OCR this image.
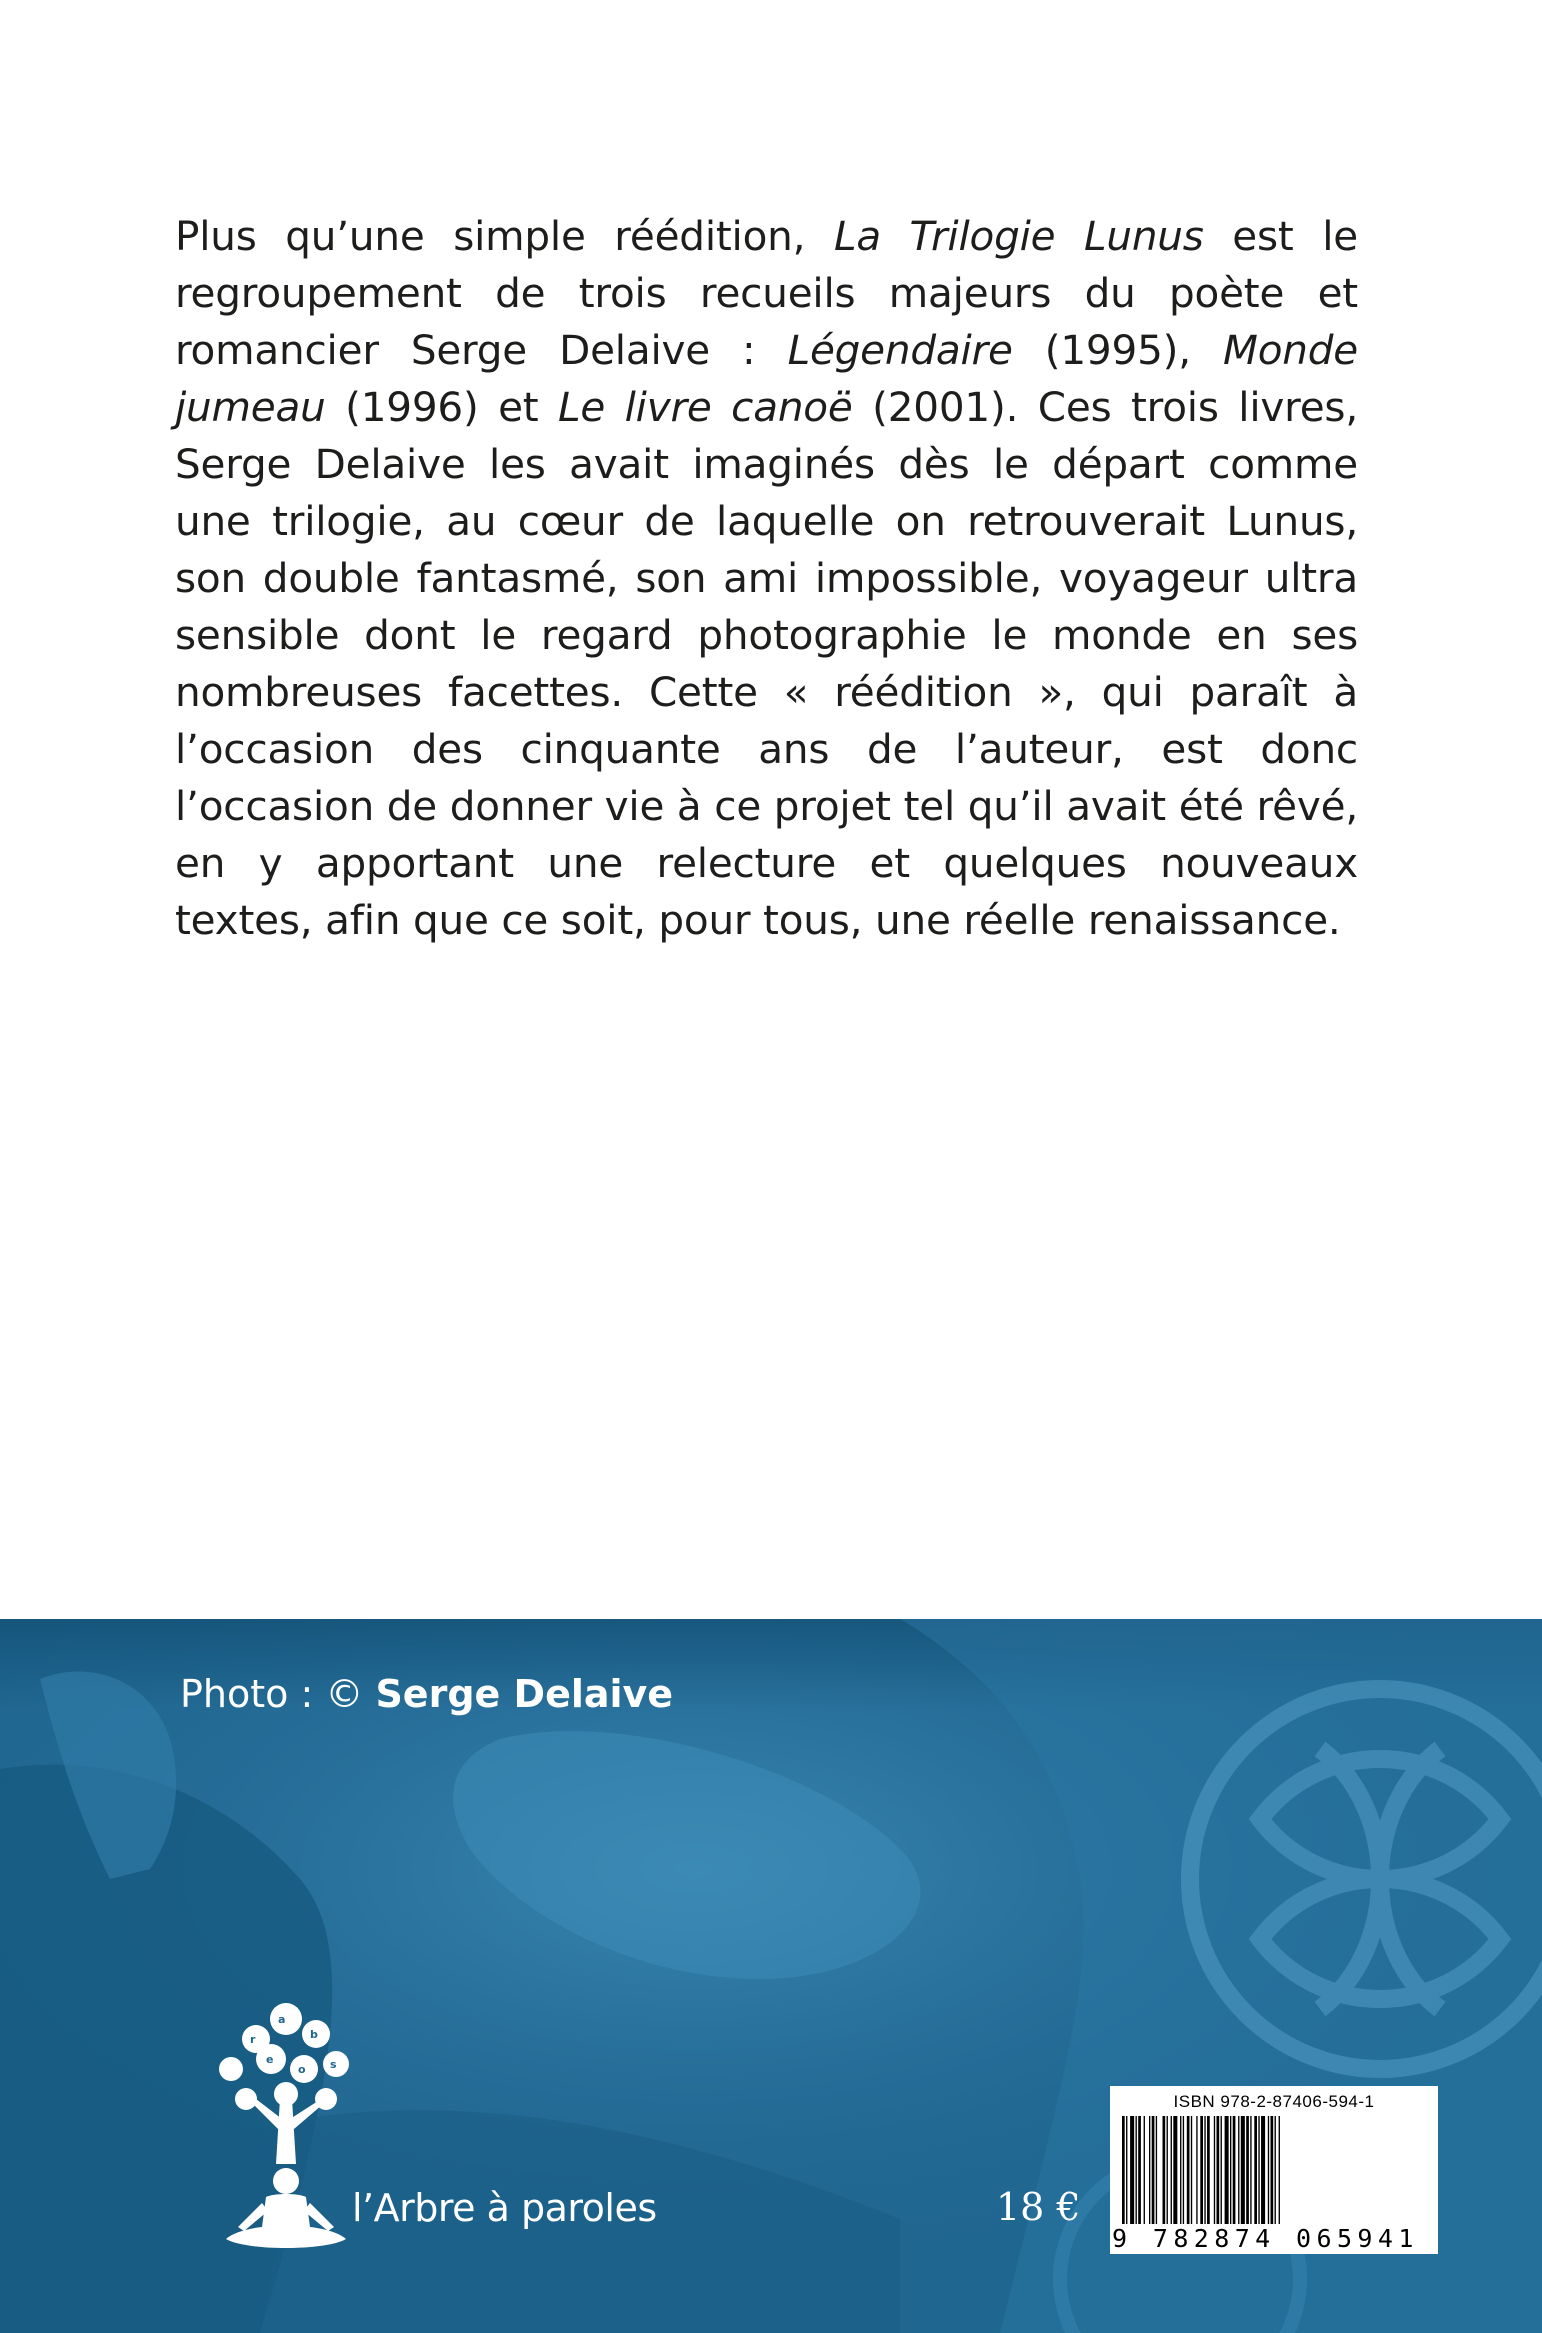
Plus qu’une simple réédition, La Trilogie Lunus est le regroupement de trois recueils majeurs du poète et romancier Serge Delaive : Légendaire (1995), Monde jumeau (1996) et Le livre canoë (2001). Ces trois livres, Serge Delaive les avait imaginés dès le départ comme une trilogie, au cœur de laquelle on retrouverait Lunus, son double fantasmé, son ami impossible, voyageur ultra sensible dont le regard photographie le monde en ses nombreuses facettes. Cette « réédition », qui paraît à l’occasion des cinquante ans de l’auteur, est donc l’occasion de donner vie à ce projet tel qu’il avait été rêvé, en y apportant une relecture et quelques nouveaux textes, afin que ce soit, pour tous, une réelle renaissance.
Photo : © Serge Delaive
a
r	b
e
o s
l’Arbre à paroles	18 €
ISBN 978-2-87406-594-1
9 782874 065941
